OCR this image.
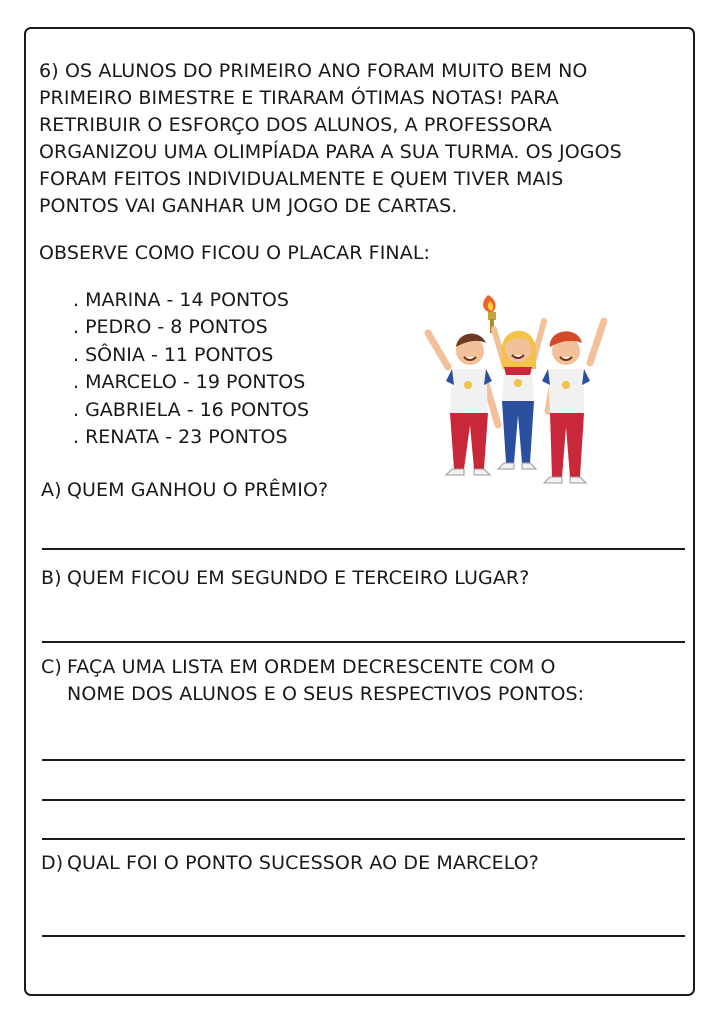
6) OS ALUNOS DO PRIMEIRO ANO FORAM MUITO BEM NO
PRIMEIRO BIMESTRE E TIRARAM ÓTIMAS NOTAS! PARA
RETRIBUIR O ESFORÇO DOS ALUNOS, A PROFESSORA
ORGANIZOU UMA OLIMPÍADA PARA A SUA TURMA. OS JOGOS
FORAM FEITOS INDIVIDUALMENTE E QUEM TIVER MAIS
PONTOS VAI GANHAR UM JOGO DE CARTAS.
OBSERVE COMO FICOU O PLACAR FINAL:
. MARINA - 14 PONTOS
. PEDRO - 8 PONTOS
. SÔNIA - 11 PONTOS
. MARCELO - 19 PONTOS
. GABRIELA - 16 PONTOS
. RENATA - 23 PONTOS
A) QUEM GANHOU O PRÊMIO?
B) QUEM FICOU EM SEGUNDO E TERCEIRO LUGAR?
C) FAÇA UMA LISTA EM ORDEM DECRESCENTE COM O
NOME DOS ALUNOS E O SEUS RESPECTIVOS PONTOS:
D) QUAL FOI O PONTO SUCESSOR AO DE MARCELO?
